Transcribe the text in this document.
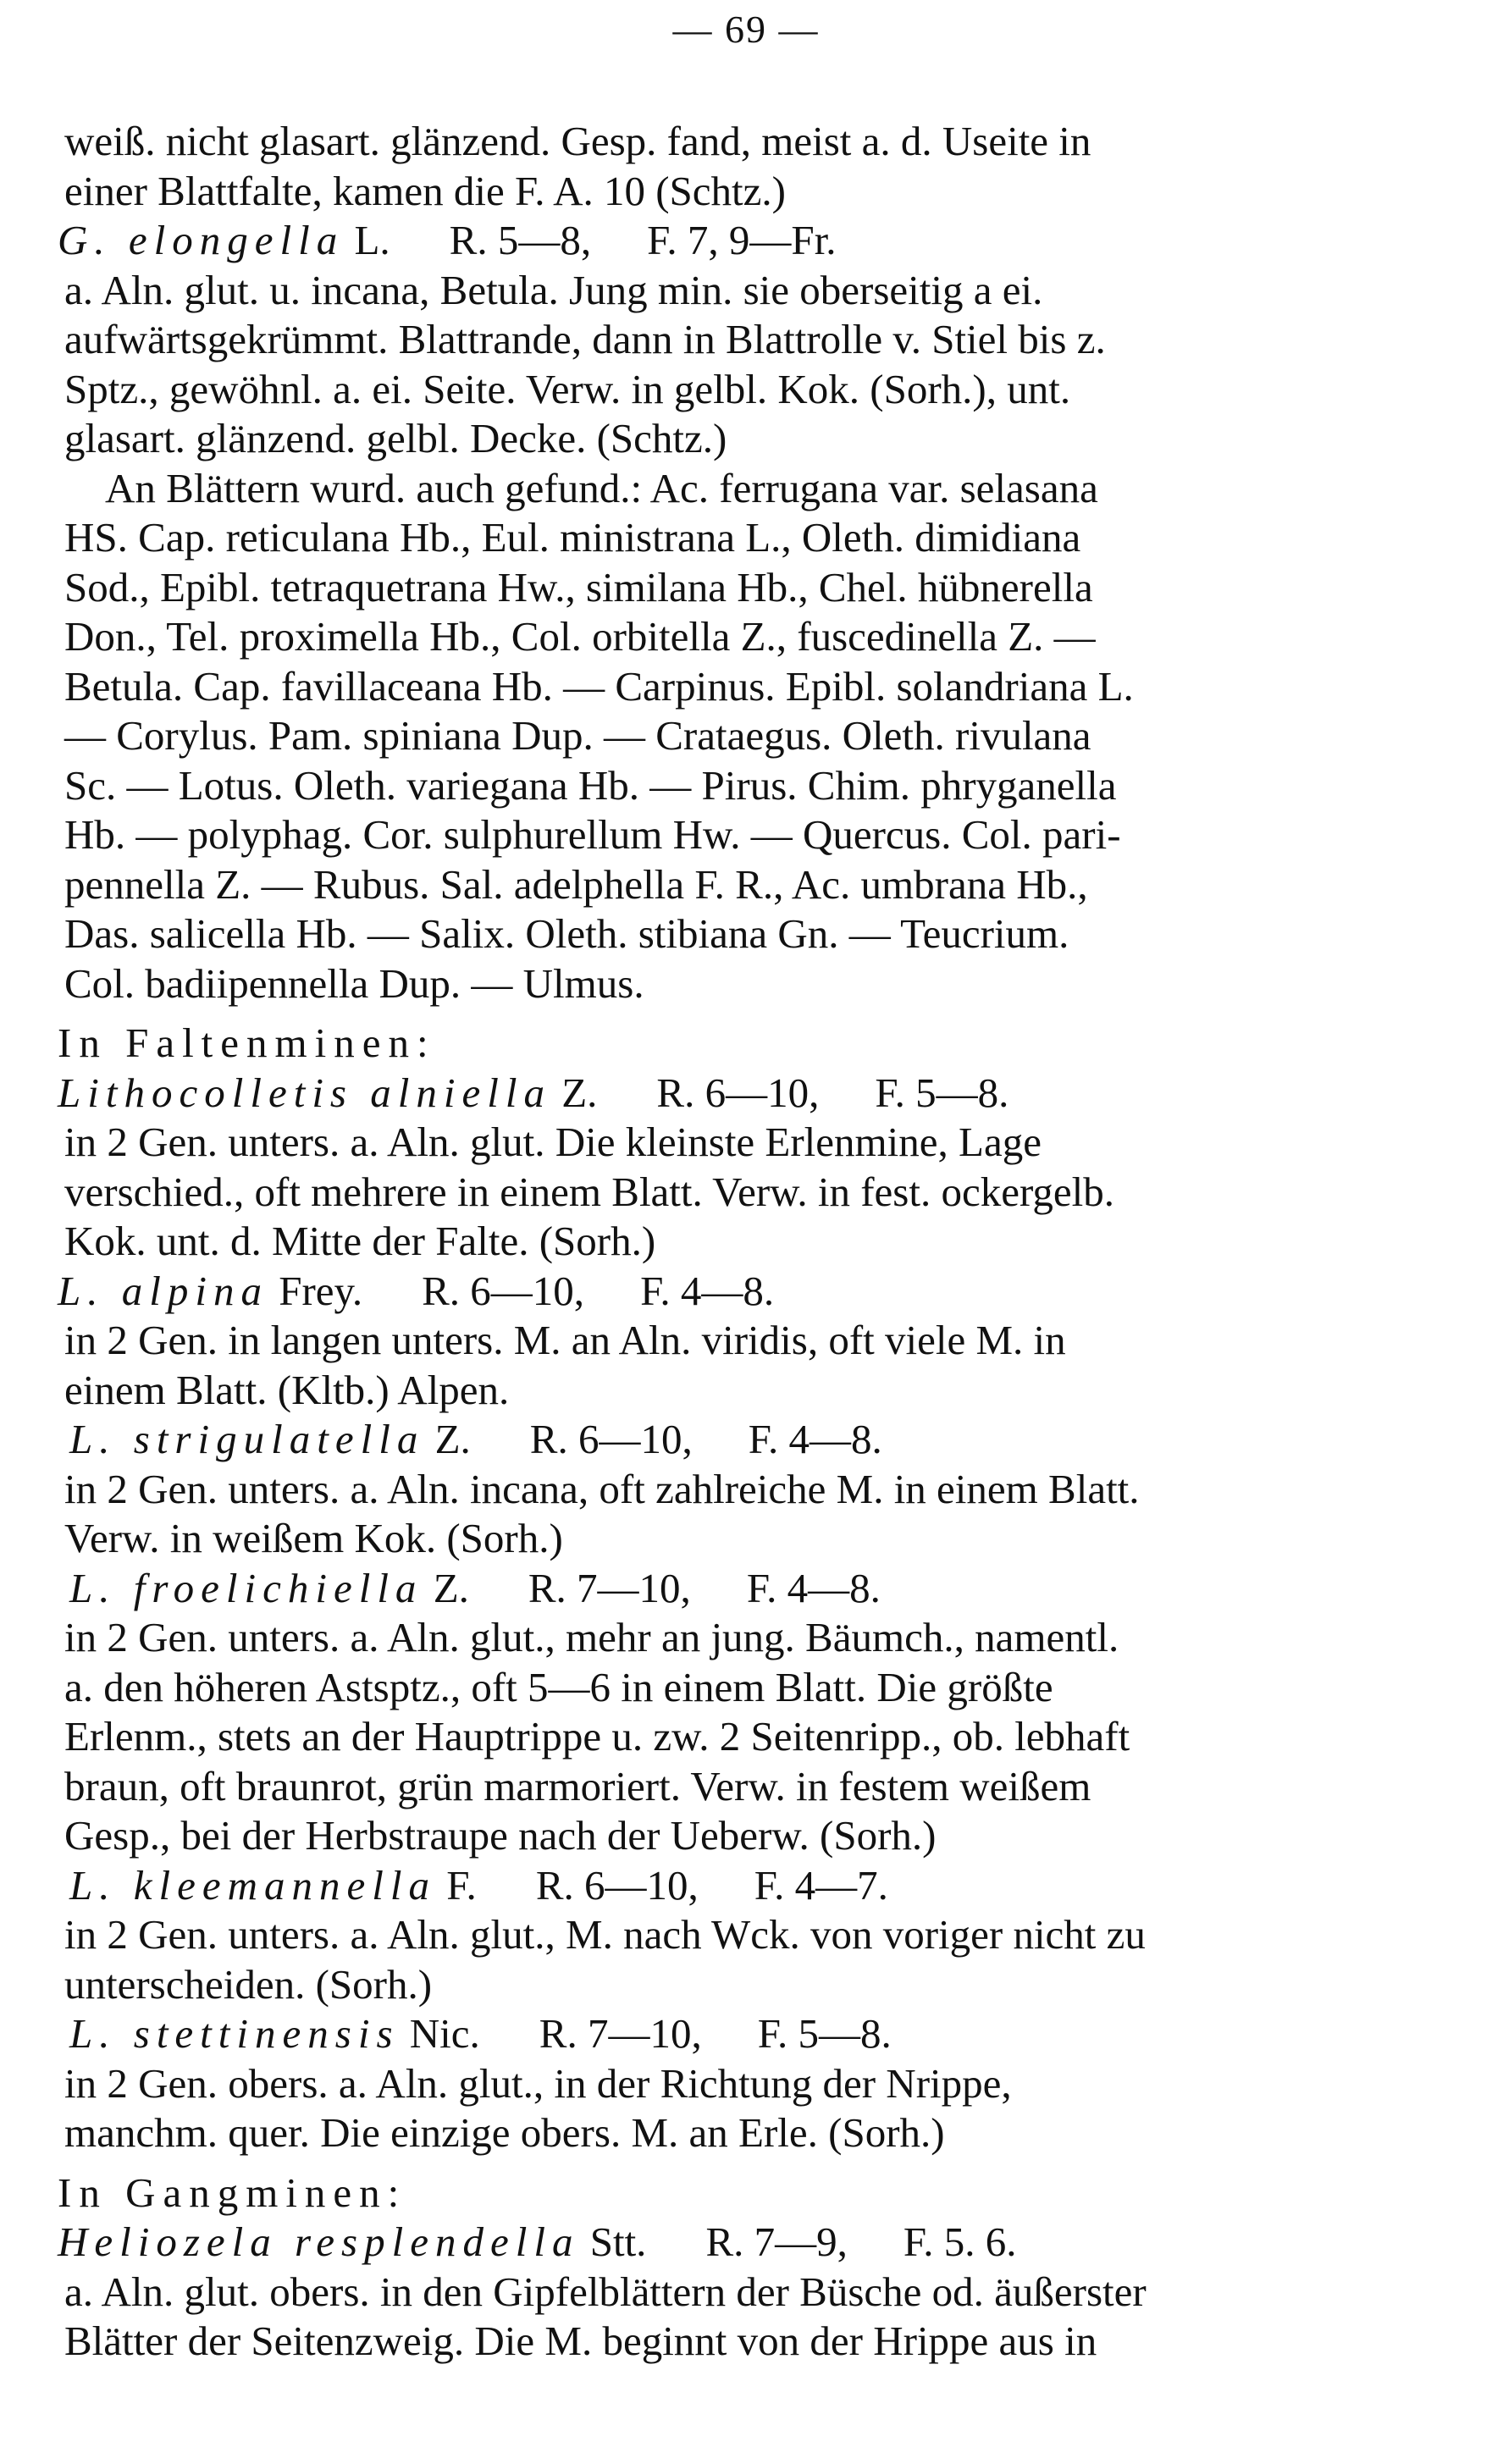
— 69 —
weiß. nicht glasart. glänzend. Gesp. fand, meist a. d. Useite in
einer Blattfalte, kamen die F. A. 10 (Schtz.)
G. elongella L. R. 5—8, F. 7, 9—Fr.
a. Aln. glut. u. incana, Betula. Jung min. sie oberseitig a ei.
aufwärtsgekrümmt. Blattrande, dann in Blattrolle v. Stiel bis z.
Sptz., gewöhnl. a. ei. Seite. Verw. in gelbl. Kok. (Sorh.), unt.
glasart. glänzend. gelbl. Decke. (Schtz.)
An Blättern wurd. auch gefund.: Ac. ferrugana var. selasana
HS. Cap. reticulana Hb., Eul. ministrana L., Oleth. dimidiana
Sod., Epibl. tetraquetrana Hw., similana Hb., Chel. hübnerella
Don., Tel. proximella Hb., Col. orbitella Z., fuscedinella Z. —
Betula. Cap. favillaceana Hb. — Carpinus. Epibl. solandriana L.
— Corylus. Pam. spiniana Dup. — Crataegus. Oleth. rivulana
Sc. — Lotus. Oleth. variegana Hb. — Pirus. Chim. phryganella
Hb. — polyphag. Cor. sulphurellum Hw. — Quercus. Col. pari-
pennella Z. — Rubus. Sal. adelphella F. R., Ac. umbrana Hb.,
Das. salicella Hb. — Salix. Oleth. stibiana Gn. — Teucrium.
Col. badiipennella Dup. — Ulmus.
In Faltenminen:
Lithocolletis alniella Z. R. 6—10, F. 5—8.
in 2 Gen. unters. a. Aln. glut. Die kleinste Erlenmine, Lage
verschied., oft mehrere in einem Blatt. Verw. in fest. ockergelb.
Kok. unt. d. Mitte der Falte. (Sorh.)
L. alpina Frey. R. 6—10, F. 4—8.
in 2 Gen. in langen unters. M. an Aln. viridis, oft viele M. in
einem Blatt. (Kltb.) Alpen.
L. strigulatella Z. R. 6—10, F. 4—8.
in 2 Gen. unters. a. Aln. incana, oft zahlreiche M. in einem Blatt.
Verw. in weißem Kok. (Sorh.)
L. froelichiella Z. R. 7—10, F. 4—8.
in 2 Gen. unters. a. Aln. glut., mehr an jung. Bäumch., namentl.
a. den höheren Astsptz., oft 5—6 in einem Blatt. Die größte
Erlenm., stets an der Hauptrippe u. zw. 2 Seitenripp., ob. lebhaft
braun, oft braunrot, grün marmoriert. Verw. in festem weißem
Gesp., bei der Herbstraupe nach der Ueberw. (Sorh.)
L. kleemannella F. R. 6—10, F. 4—7.
in 2 Gen. unters. a. Aln. glut., M. nach Wck. von voriger nicht zu
unterscheiden. (Sorh.)
L. stettinensis Nic. R. 7—10, F. 5—8.
in 2 Gen. obers. a. Aln. glut., in der Richtung der Nrippe,
manchm. quer. Die einzige obers. M. an Erle. (Sorh.)
In Gangminen:
Heliozela resplendella Stt. R. 7—9, F. 5. 6.
a. Aln. glut. obers. in den Gipfelblättern der Büsche od. äußerster
Blätter der Seitenzweig. Die M. beginnt von der Hrippe aus in
